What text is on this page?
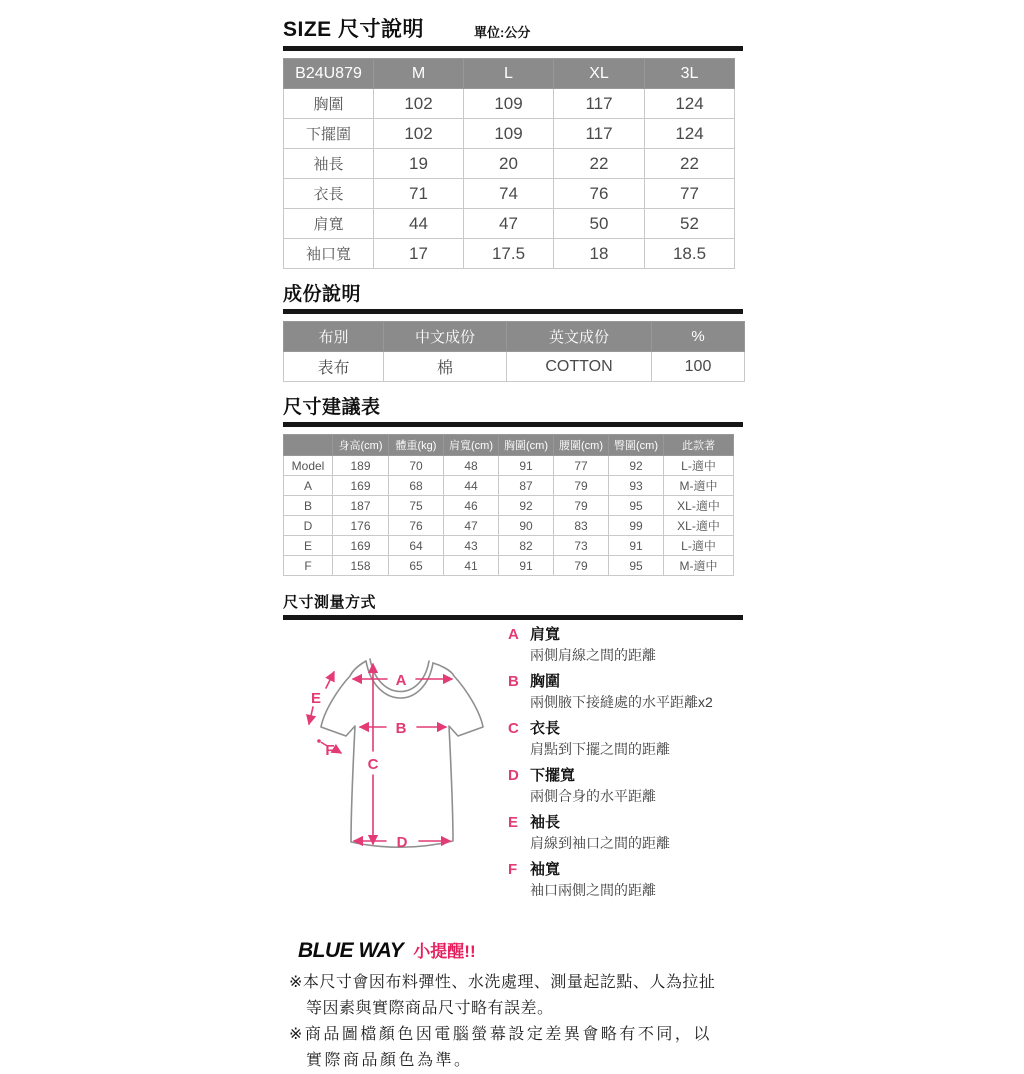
SIZE 尺寸說明	單位:公分
B24U879	M	L	XL	3L
胸圍	102	109	117	124
下擺圍	102	109	117	124
袖長	19	20	22	22
衣長	71	74	76	77
肩寬	44	47	50	52
袖口寬	17	17.5	18	18.5
成份說明
布別	中文成份	英文成份	%
表布	棉	COTTON	100
尺寸建議表
	身高(cm)	體重(kg)	肩寬(cm)	胸圍(cm)	腰圍(cm)	臀圍(cm)	此款著
Model	189	70	48	91	77	92	L-適中
A	169	68	44	87	79	93	M-適中
B	187	75	46	92	79	95	XL-適中
D	176	76	47	90	83	99	XL-適中
E	169	64	43	82	73	91	L-適中
F	158	65	41	91	79	95	M-適中
尺寸測量方式
A
B
C
D
E
F
A 肩寬
兩側肩線之間的距離
B 胸圍
兩側腋下接縫處的水平距離x2
C 衣長
肩點到下擺之間的距離
D 下擺寬
兩側合身的水平距離
E 袖長
肩線到袖口之間的距離
F 袖寬
袖口兩側之間的距離
BLUE WAY 小提醒!!
※本尺寸會因布料彈性、水洗處理、測量起訖點、人為拉扯
等因素與實際商品尺寸略有誤差。
※商品圖檔顏色因電腦螢幕設定差異會略有不同，以
實際商品顏色為準。
